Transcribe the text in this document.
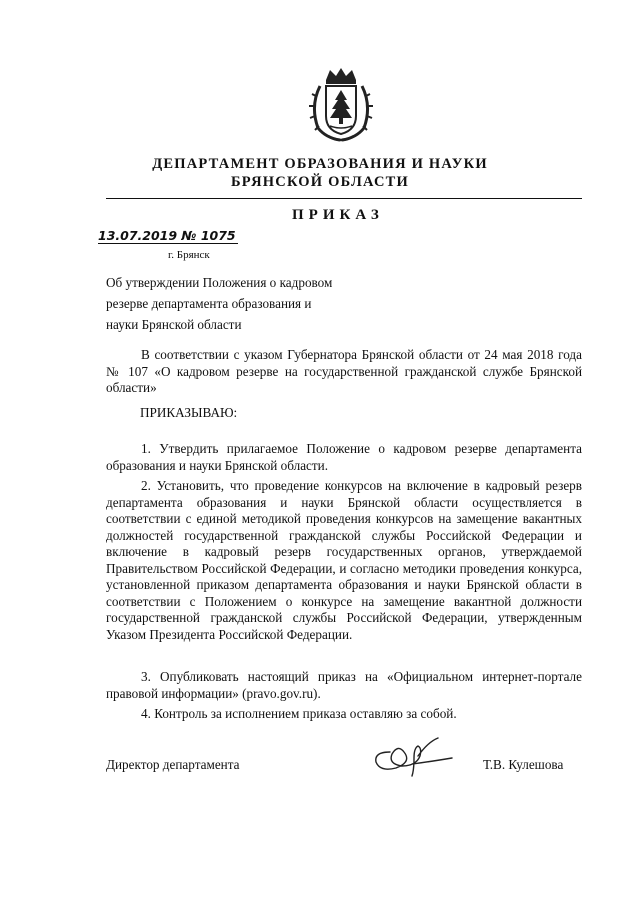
ДЕПАРТАМЕНТ ОБРАЗОВАНИЯ И НАУКИ
БРЯНСКОЙ ОБЛАСТИ
ПРИКАЗ
13.07.2019 № 1075
г. Брянск
Об утверждении Положения о кадровом
резерве департамента образования и
науки Брянской области
В соответствии с указом Губернатора Брянской области от 24 мая 2018 года № 107 «О кадровом резерве на государственной гражданской службе Брянской области»
ПРИКАЗЫВАЮ:
1. Утвердить прилагаемое Положение о кадровом резерве департамента образования и науки Брянской области.
2. Установить, что проведение конкурсов на включение в кадровый резерв департамента образования и науки Брянской области осуществляется в соответствии с единой методикой проведения конкурсов на замещение вакантных должностей государственной гражданской службы Российской Федерации и включение в кадровый резерв государственных органов, утверждаемой Правительством Российской Федерации, и согласно методики проведения конкурса, установленной приказом департамента образования и науки Брянской области в соответствии с Положением о конкурсе на замещение вакантной должности государственной гражданской службы Российской Федерации, утвержденным Указом Президента Российской Федерации.
3. Опубликовать настоящий приказ на «Официальном интернет-портале правовой информации» (pravo.gov.ru).
4. Контроль за исполнением приказа оставляю за собой.
Директор департамента	Т.В. Кулешова
